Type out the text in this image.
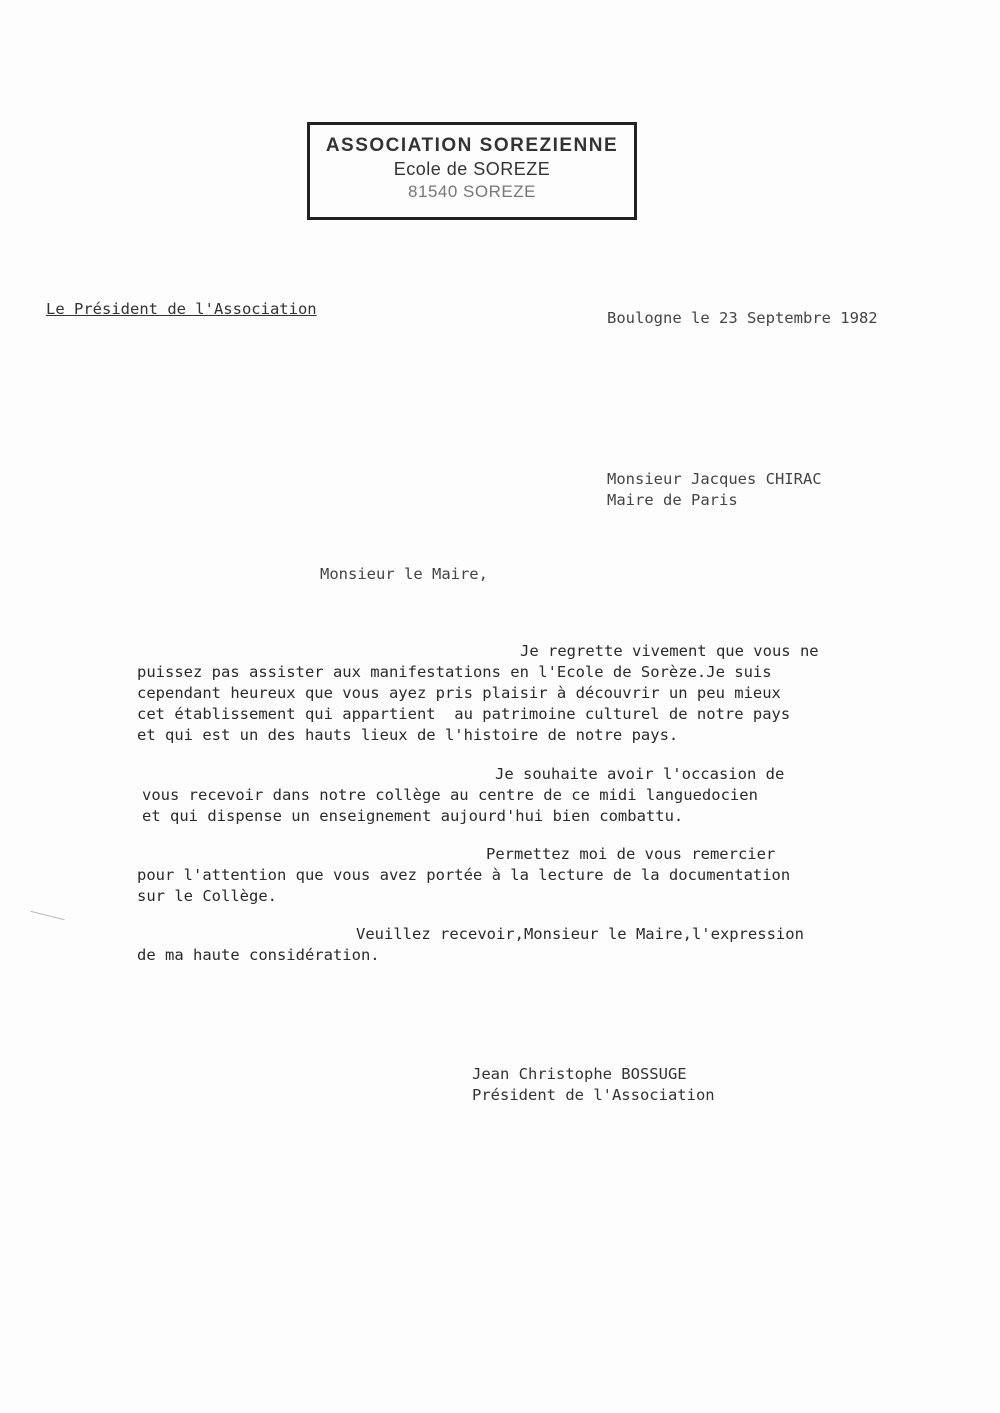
ASSOCIATION SOREZIENNE
Ecole de SOREZE
81540 SOREZE
Le Président de l'Association	Boulogne le 23 Septembre 1982
Monsieur Jacques CHIRAC
Maire de Paris
Monsieur le Maire,
Je regrette vivement que vous ne
puissez pas assister aux manifestations en l'Ecole de Sorèze.Je suis
cependant heureux que vous ayez pris plaisir à découvrir un peu mieux
cet établissement qui appartient  au patrimoine culturel de notre pays
et qui est un des hauts lieux de l'histoire de notre pays.
Je souhaite avoir l'occasion de
vous recevoir dans notre collège au centre de ce midi languedocien
et qui dispense un enseignement aujourd'hui bien combattu.
Permettez moi de vous remercier
pour l'attention que vous avez portée à la lecture de la documentation
sur le Collège.
Veuillez recevoir,Monsieur le Maire,l'expression
de ma haute considération.
Jean Christophe BOSSUGE
Président de l'Association
